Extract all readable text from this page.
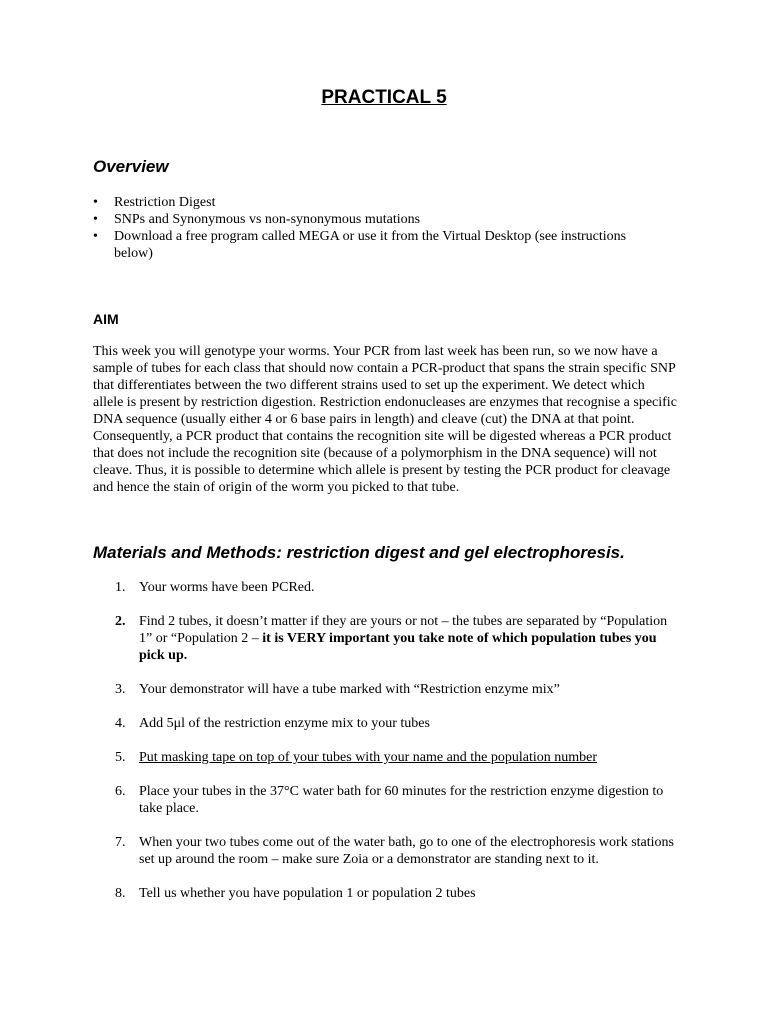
PRACTICAL 5
Overview
• Restriction Digest
• SNPs and Synonymous vs non-synonymous mutations
• Download a free program called MEGA or use it from the Virtual Desktop (see instructions below)
AIM

This week you will genotype your worms. Your PCR from last week has been run, so we now have a sample of tubes for each class that should now contain a PCR-product that spans the strain specific SNP that differentiates between the two different strains used to set up the experiment. We detect which allele is present by restriction digestion. Restriction endonucleases are enzymes that recognise a specific DNA sequence (usually either 4 or 6 base pairs in length) and cleave (cut) the DNA at that point. Consequently, a PCR product that contains the recognition site will be digested whereas a PCR product that does not include the recognition site (because of a polymorphism in the DNA sequence) will not cleave. Thus, it is possible to determine which allele is present by testing the PCR product for cleavage and hence the stain of origin of the worm you picked to that tube.

Materials and Methods: restriction digest and gel electrophoresis.
1. Your worms have been PCRed.
2. Find 2 tubes, it doesn’t matter if they are yours or not – the tubes are separated by “Population 1” or “Population 2 – it is VERY important you take note of which population tubes you pick up.
3. Your demonstrator will have a tube marked with “Restriction enzyme mix”
4. Add 5μl of the restriction enzyme mix to your tubes
5. Put masking tape on top of your tubes with your name and the population number
6. Place your tubes in the 37°C water bath for 60 minutes for the restriction enzyme digestion to take place.
7. When your two tubes come out of the water bath, go to one of the electrophoresis work stations set up around the room – make sure Zoia or a demonstrator are standing next to it.
8. Tell us whether you have population 1 or population 2 tubes
